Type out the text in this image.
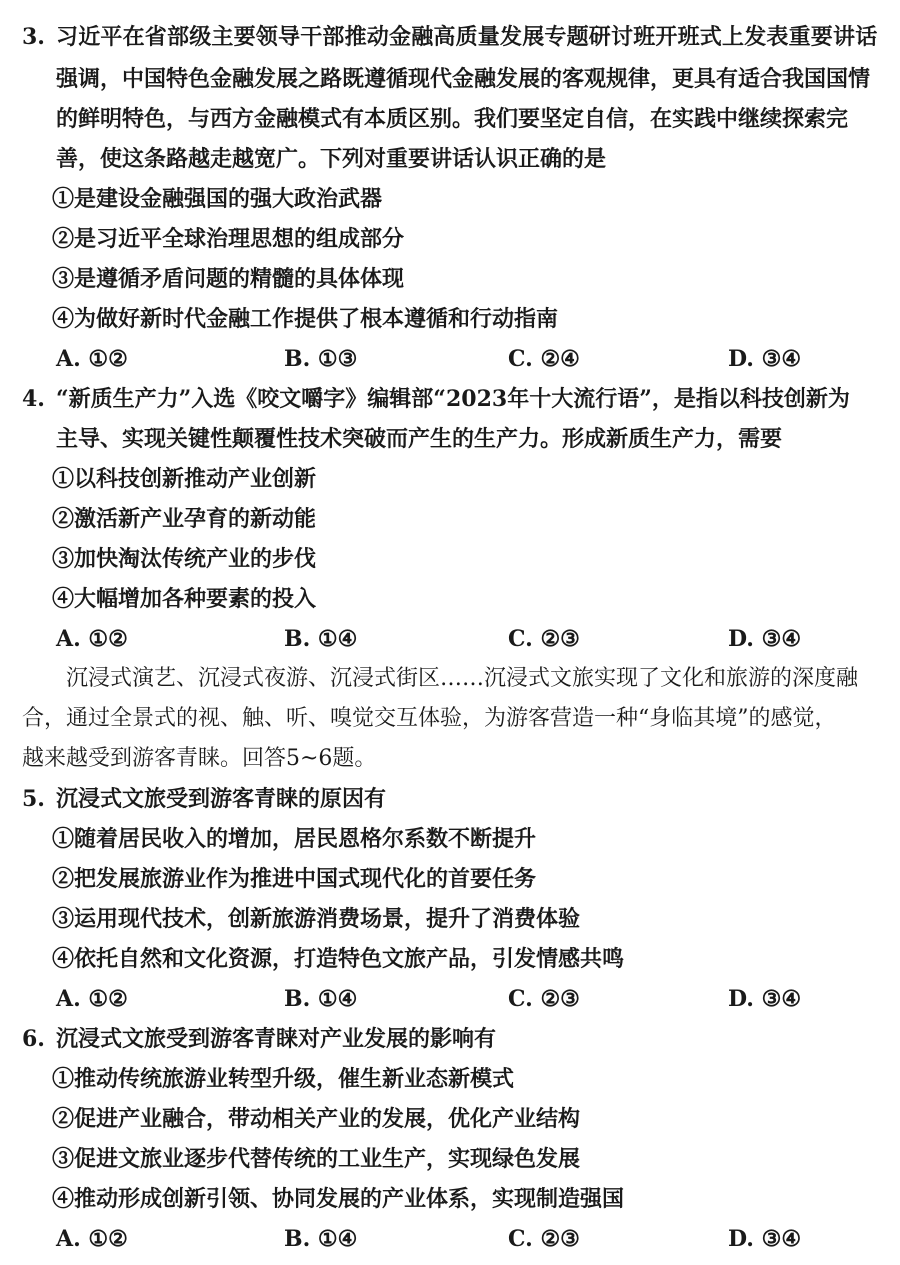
3. 习近平在省部级主要领导干部推动金融高质量发展专题研讨班开班式上发表重要讲话
强调，中国特色金融发展之路既遵循现代金融发展的客观规律，更具有适合我国国情
的鲜明特色，与西方金融模式有本质区别。我们要坚定自信，在实践中继续探索完
善，使这条路越走越宽广。下列对重要讲话认识正确的是
①是建设金融强国的强大政治武器
②是习近平全球治理思想的组成部分
③是遵循矛盾问题的精髓的具体体现
④为做好新时代金融工作提供了根本遵循和行动指南
A. ①②	B. ①③	C. ②④	D. ③④
4. “新质生产力”入选《咬文嚼字》编辑部“2023年十大流行语”，是指以科技创新为
主导、实现关键性颠覆性技术突破而产生的生产力。形成新质生产力，需要
①以科技创新推动产业创新
②激活新产业孕育的新动能
③加快淘汰传统产业的步伐
④大幅增加各种要素的投入
A. ①②	B. ①④	C. ②③	D. ③④
沉浸式演艺、沉浸式夜游、沉浸式街区……沉浸式文旅实现了文化和旅游的深度融
合，通过全景式的视、触、听、嗅觉交互体验，为游客营造一种“身临其境”的感觉，
越来越受到游客青睐。回答5~6题。
5. 沉浸式文旅受到游客青睐的原因有
①随着居民收入的增加，居民恩格尔系数不断提升
②把发展旅游业作为推进中国式现代化的首要任务
③运用现代技术，创新旅游消费场景，提升了消费体验
④依托自然和文化资源，打造特色文旅产品，引发情感共鸣
A. ①②	B. ①④	C. ②③	D. ③④
6. 沉浸式文旅受到游客青睐对产业发展的影响有
①推动传统旅游业转型升级，催生新业态新模式
②促进产业融合，带动相关产业的发展，优化产业结构
③促进文旅业逐步代替传统的工业生产，实现绿色发展
④推动形成创新引领、协同发展的产业体系，实现制造强国
A. ①②	B. ①④	C. ②③	D. ③④
